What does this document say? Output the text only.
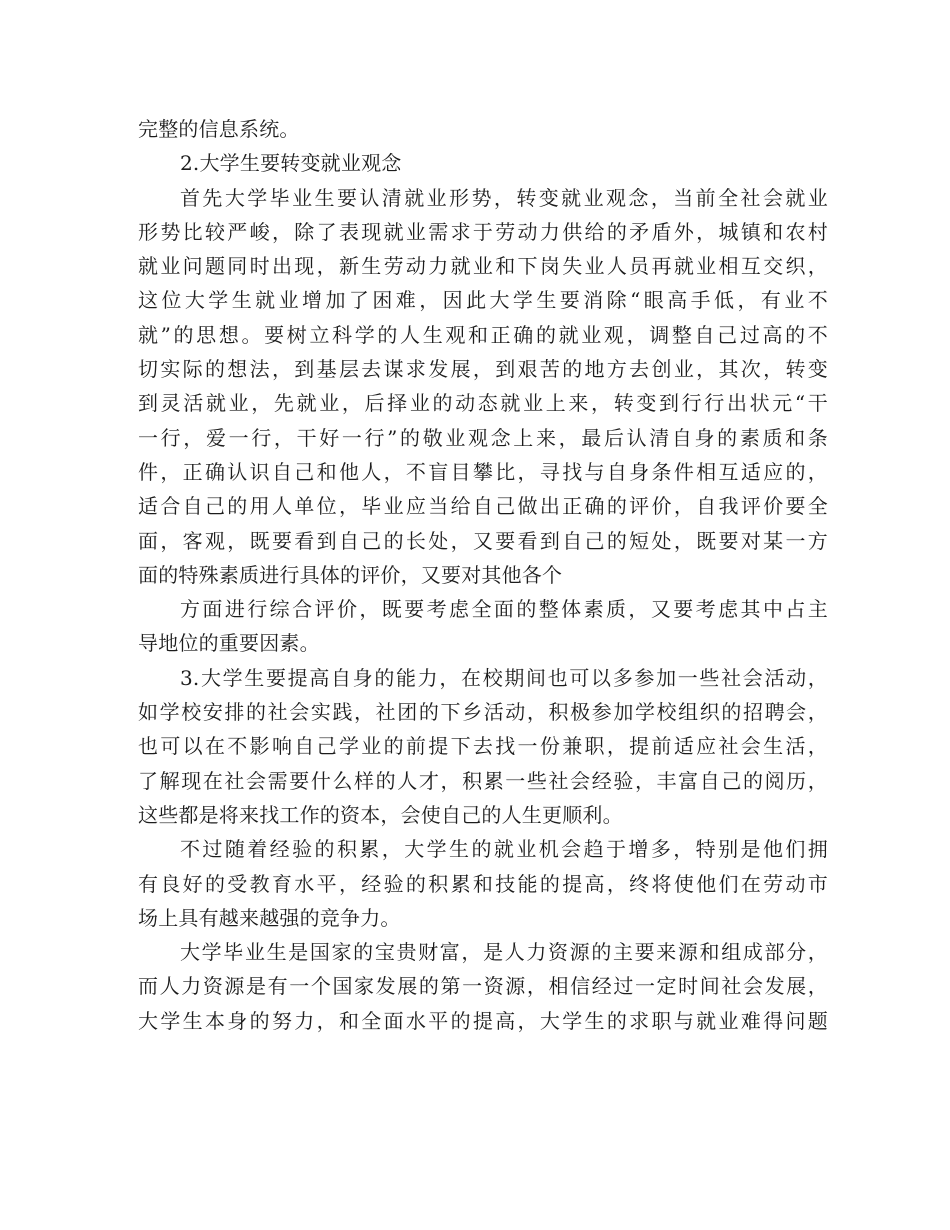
完整的信息系统。
2.大学生要转变就业观念
首先大学毕业生要认清就业形势，转变就业观念，当前全社会就业
形势比较严峻，除了表现就业需求于劳动力供给的矛盾外，城镇和农村
就业问题同时出现，新生劳动力就业和下岗失业人员再就业相互交织，
这位大学生就业增加了困难，因此大学生要消除“眼高手低，有业不
就”的思想。要树立科学的人生观和正确的就业观，调整自己过高的不
切实际的想法，到基层去谋求发展，到艰苦的地方去创业，其次，转变
到灵活就业，先就业，后择业的动态就业上来，转变到行行出状元“干
一行，爱一行，干好一行”的敬业观念上来，最后认清自身的素质和条
件，正确认识自己和他人，不盲目攀比，寻找与自身条件相互适应的，
适合自己的用人单位，毕业应当给自己做出正确的评价，自我评价要全
面，客观，既要看到自己的长处，又要看到自己的短处，既要对某一方
面的特殊素质进行具体的评价，又要对其他各个
方面进行综合评价，既要考虑全面的整体素质，又要考虑其中占主
导地位的重要因素。
3.大学生要提高自身的能力，在校期间也可以多参加一些社会活动，
如学校安排的社会实践，社团的下乡活动，积极参加学校组织的招聘会，
也可以在不影响自己学业的前提下去找一份兼职，提前适应社会生活，
了解现在社会需要什么样的人才，积累一些社会经验，丰富自己的阅历，
这些都是将来找工作的资本，会使自己的人生更顺利。
不过随着经验的积累，大学生的就业机会趋于增多，特别是他们拥
有良好的受教育水平，经验的积累和技能的提高，终将使他们在劳动市
场上具有越来越强的竞争力。
大学毕业生是国家的宝贵财富，是人力资源的主要来源和组成部分，
而人力资源是有一个国家发展的第一资源，相信经过一定时间社会发展，
大学生本身的努力，和全面水平的提高，大学生的求职与就业难得问题
